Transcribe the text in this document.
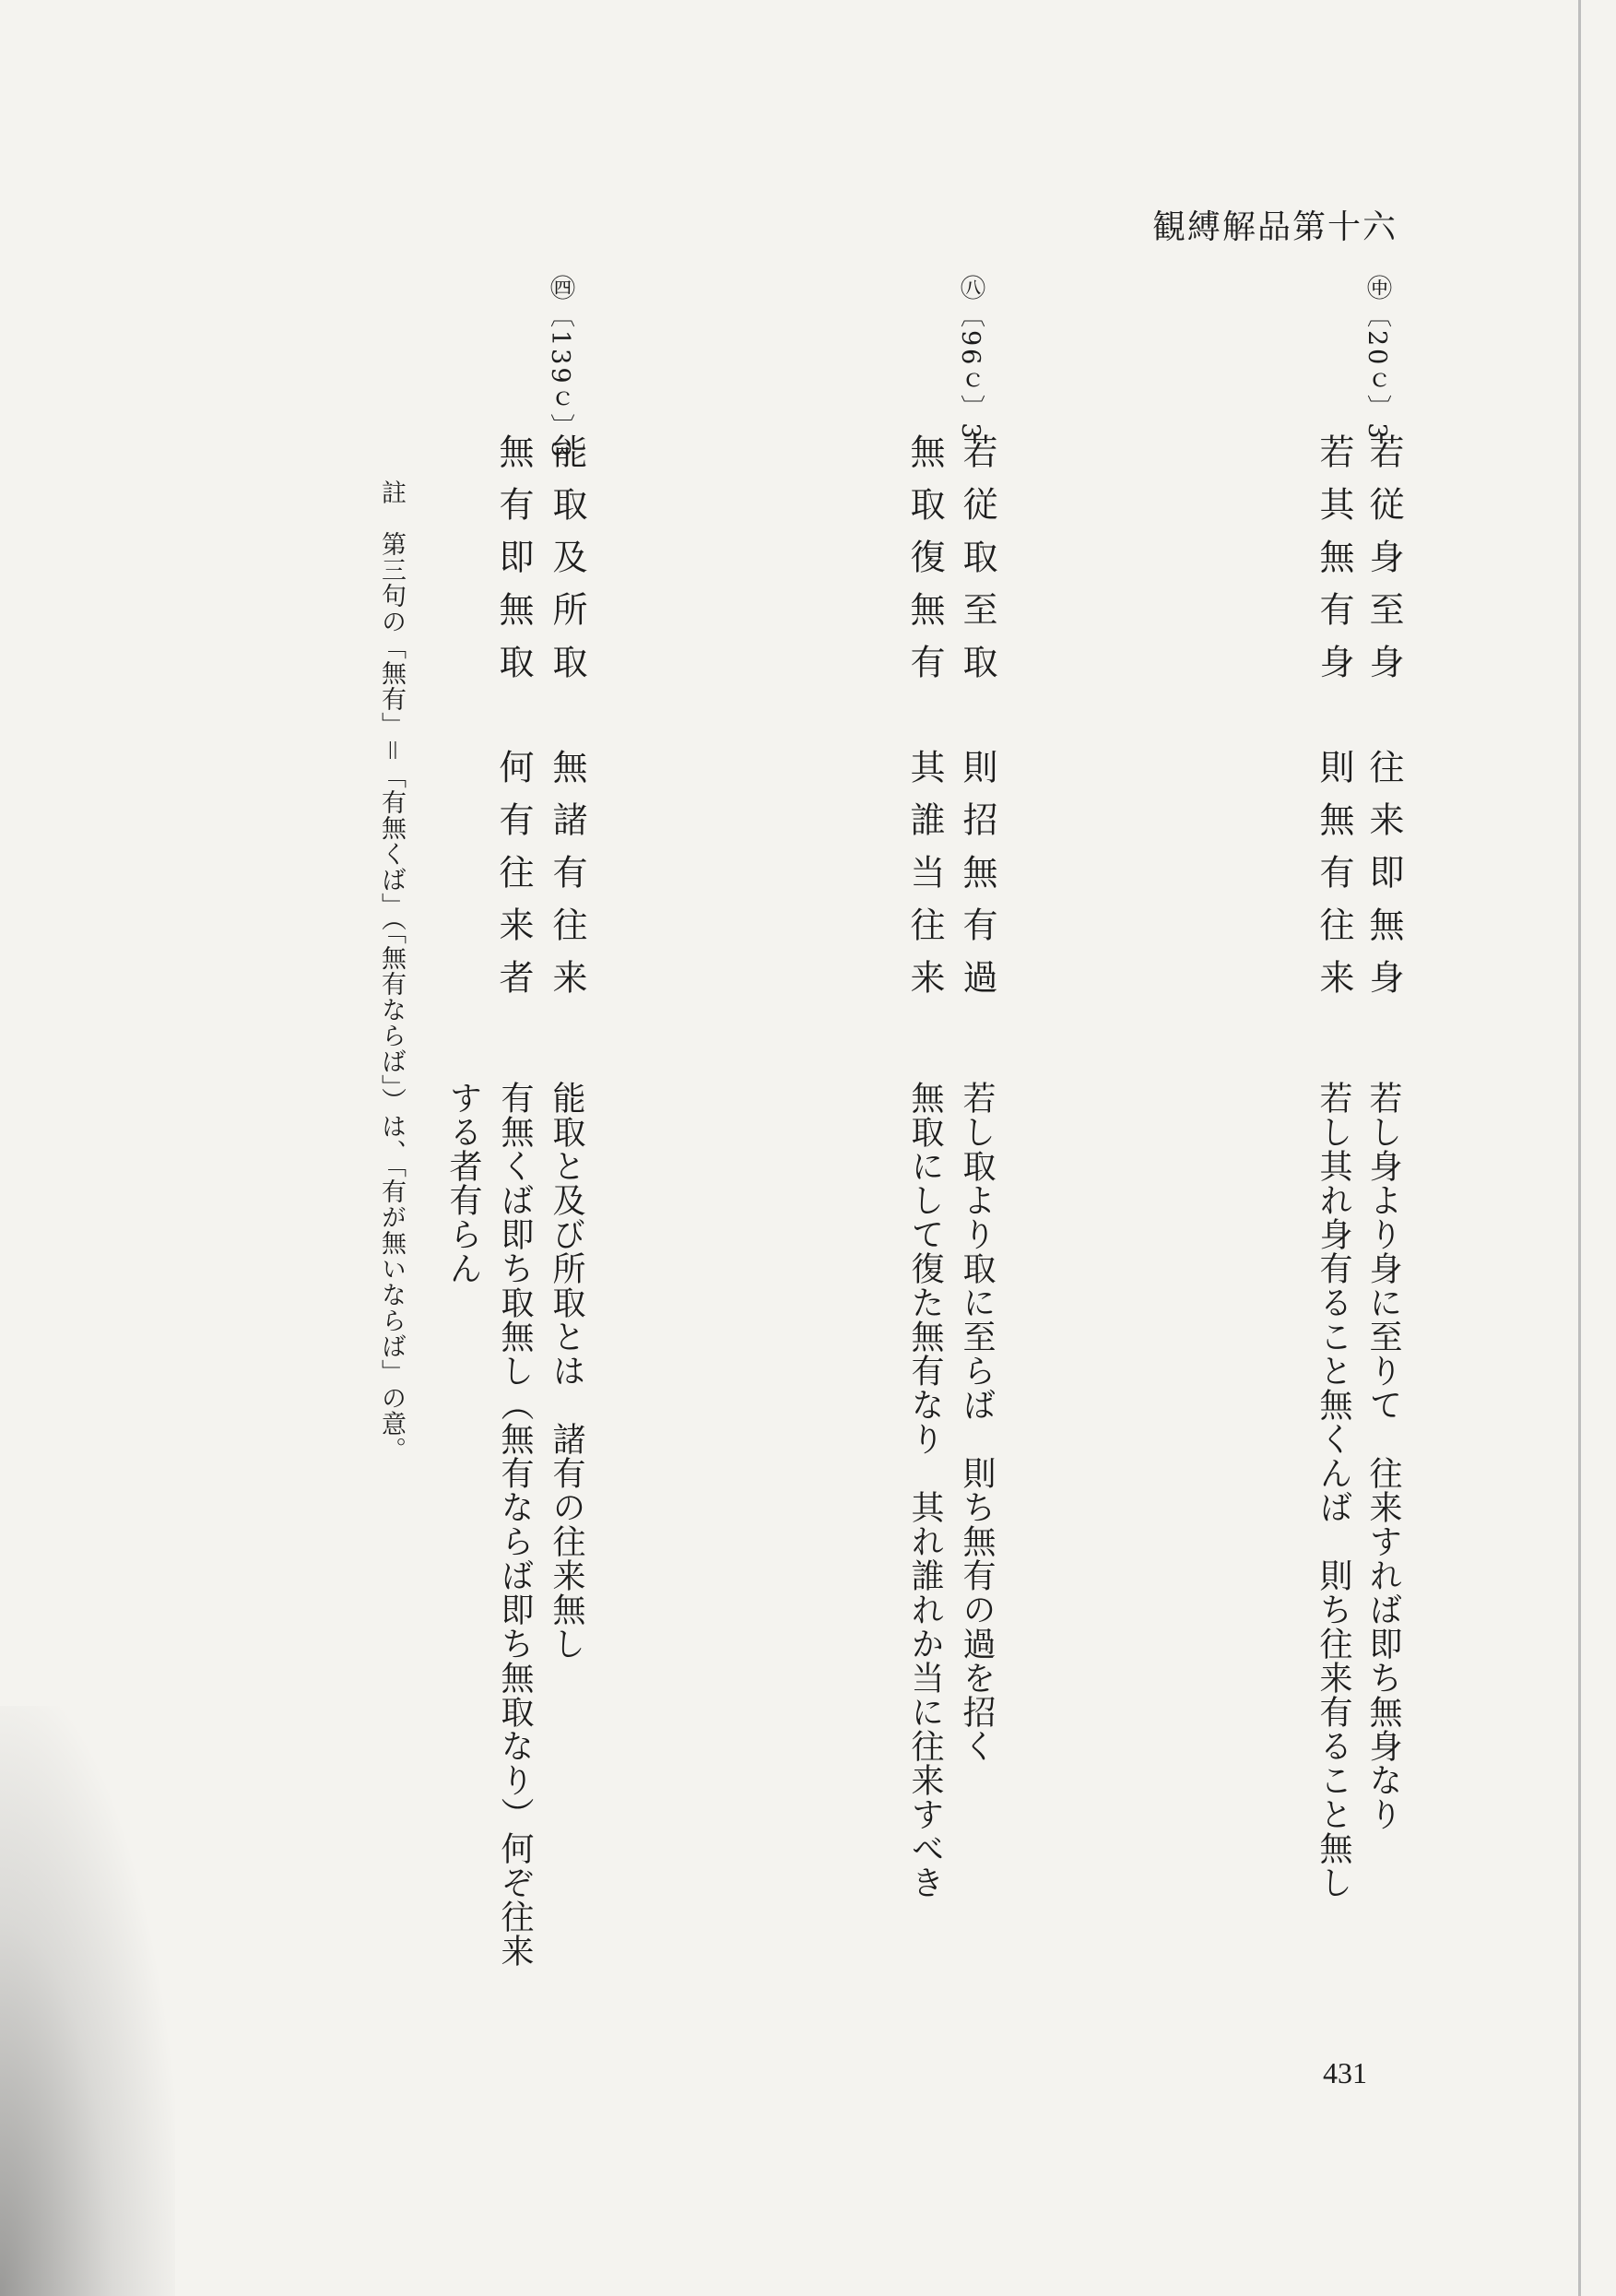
観縛解品第十六
㊥〔20ｃ〕3
若従身至身　往来即無身
若其無有身　則無有往来
若し身より身に至りて　往来すれば即ち無身なり
若し其れ身有ること無くんば　則ち往来有ること無し
㊇〔96ｃ〕3
若従取至取　則招無有過
無取復無有　其誰当往来
若し取より取に至らば　則ち無有の過を招く
無取にして復た無有なり　其れ誰れか当に往来すべき
㊃〔139ｃ〕3
能取及所取　無諸有往来
無有即無取　何有往来者
能取と及び所取とは　諸有の往来無し
有無くば即ち取無し（無有ならば即ち無取なり）何ぞ往来
する者有らん
註　第三句の「無有」＝「有無くば」（「無有ならば」）は、「有が無いならば」の意。
431
